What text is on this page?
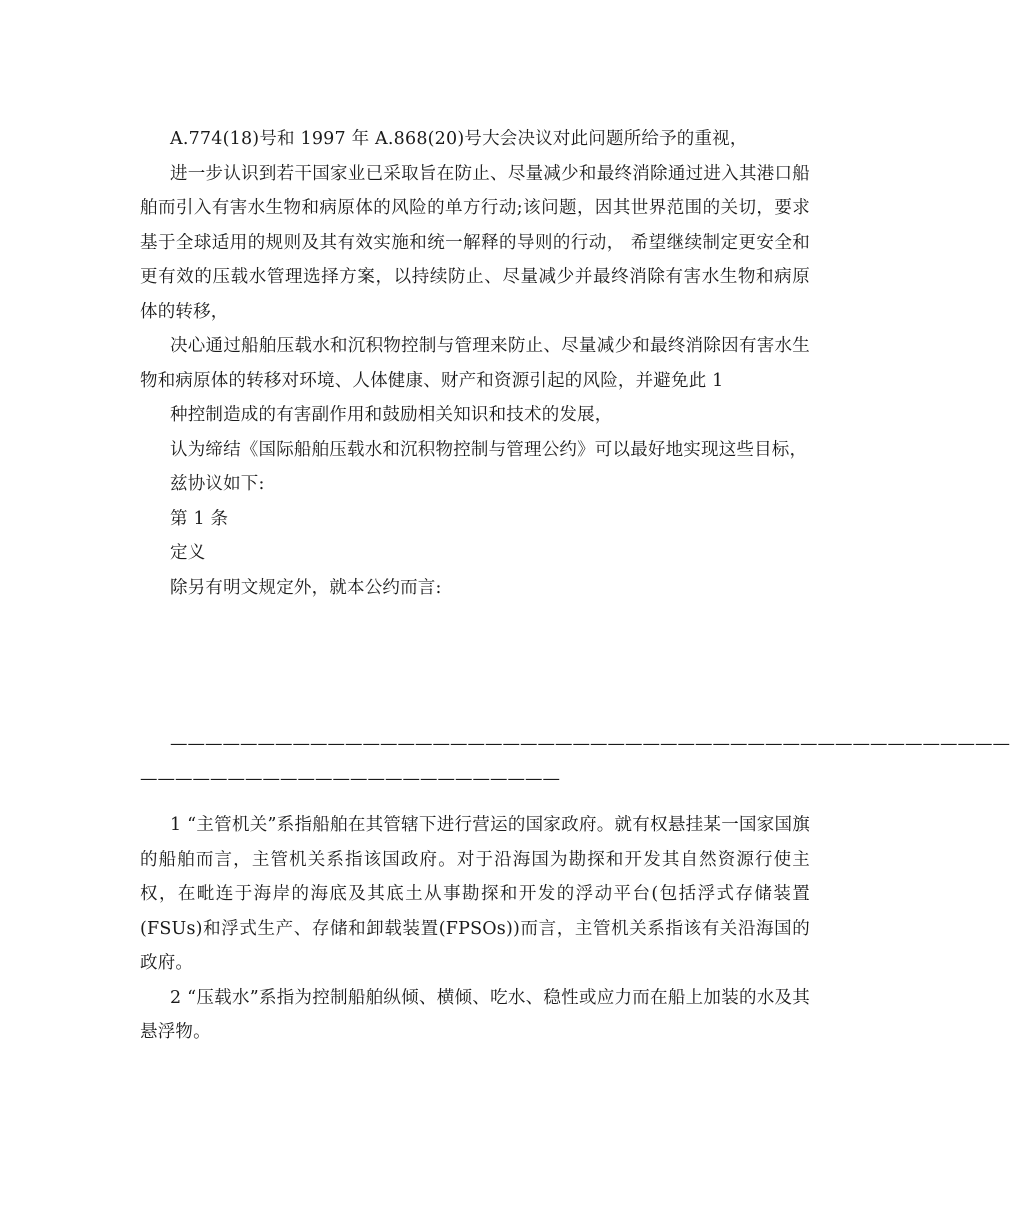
A.774(18)号和 1997 年 A.868(20)号大会决议对此问题所给予的重视，

进一步认识到若干国家业已采取旨在防止、尽量减少和最终消除通过进入其港口船舶而引入有害水生物和病原体的风险的单方行动;该问题，因其世界范围的关切，要求基于全球适用的规则及其有效实施和统一解释的导则的行动， 希望继续制定更安全和更有效的压载水管理选择方案，以持续防止、尽量减少并最终消除有害水生物和病原体的转移，

决心通过船舶压载水和沉积物控制与管理来防止、尽量减少和最终消除因有害水生物和病原体的转移对环境、人体健康、财产和资源引起的风险，并避免此 1

种控制造成的有害副作用和鼓励相关知识和技术的发展，

认为缔结《国际船舶压载水和沉积物控制与管理公约》可以最好地实现这些目标，

兹协议如下:

第 1 条

定义

除另有明文规定外，就本公约而言:

————————————————————————————————————————————————
————————————————————————

1 “主管机关”系指船舶在其管辖下进行营运的国家政府。就有权悬挂某一国家国旗的船舶而言，主管机关系指该国政府。对于沿海国为勘探和开发其自然资源行使主权，在毗连于海岸的海底及其底土从事勘探和开发的浮动平台(包括浮式存储装置(FSUs)和浮式生产、存储和卸载装置(FPSOs))而言，主管机关系指该有关沿海国的政府。

2 “压载水”系指为控制船舶纵倾、横倾、吃水、稳性或应力而在船上加装的水及其悬浮物。
